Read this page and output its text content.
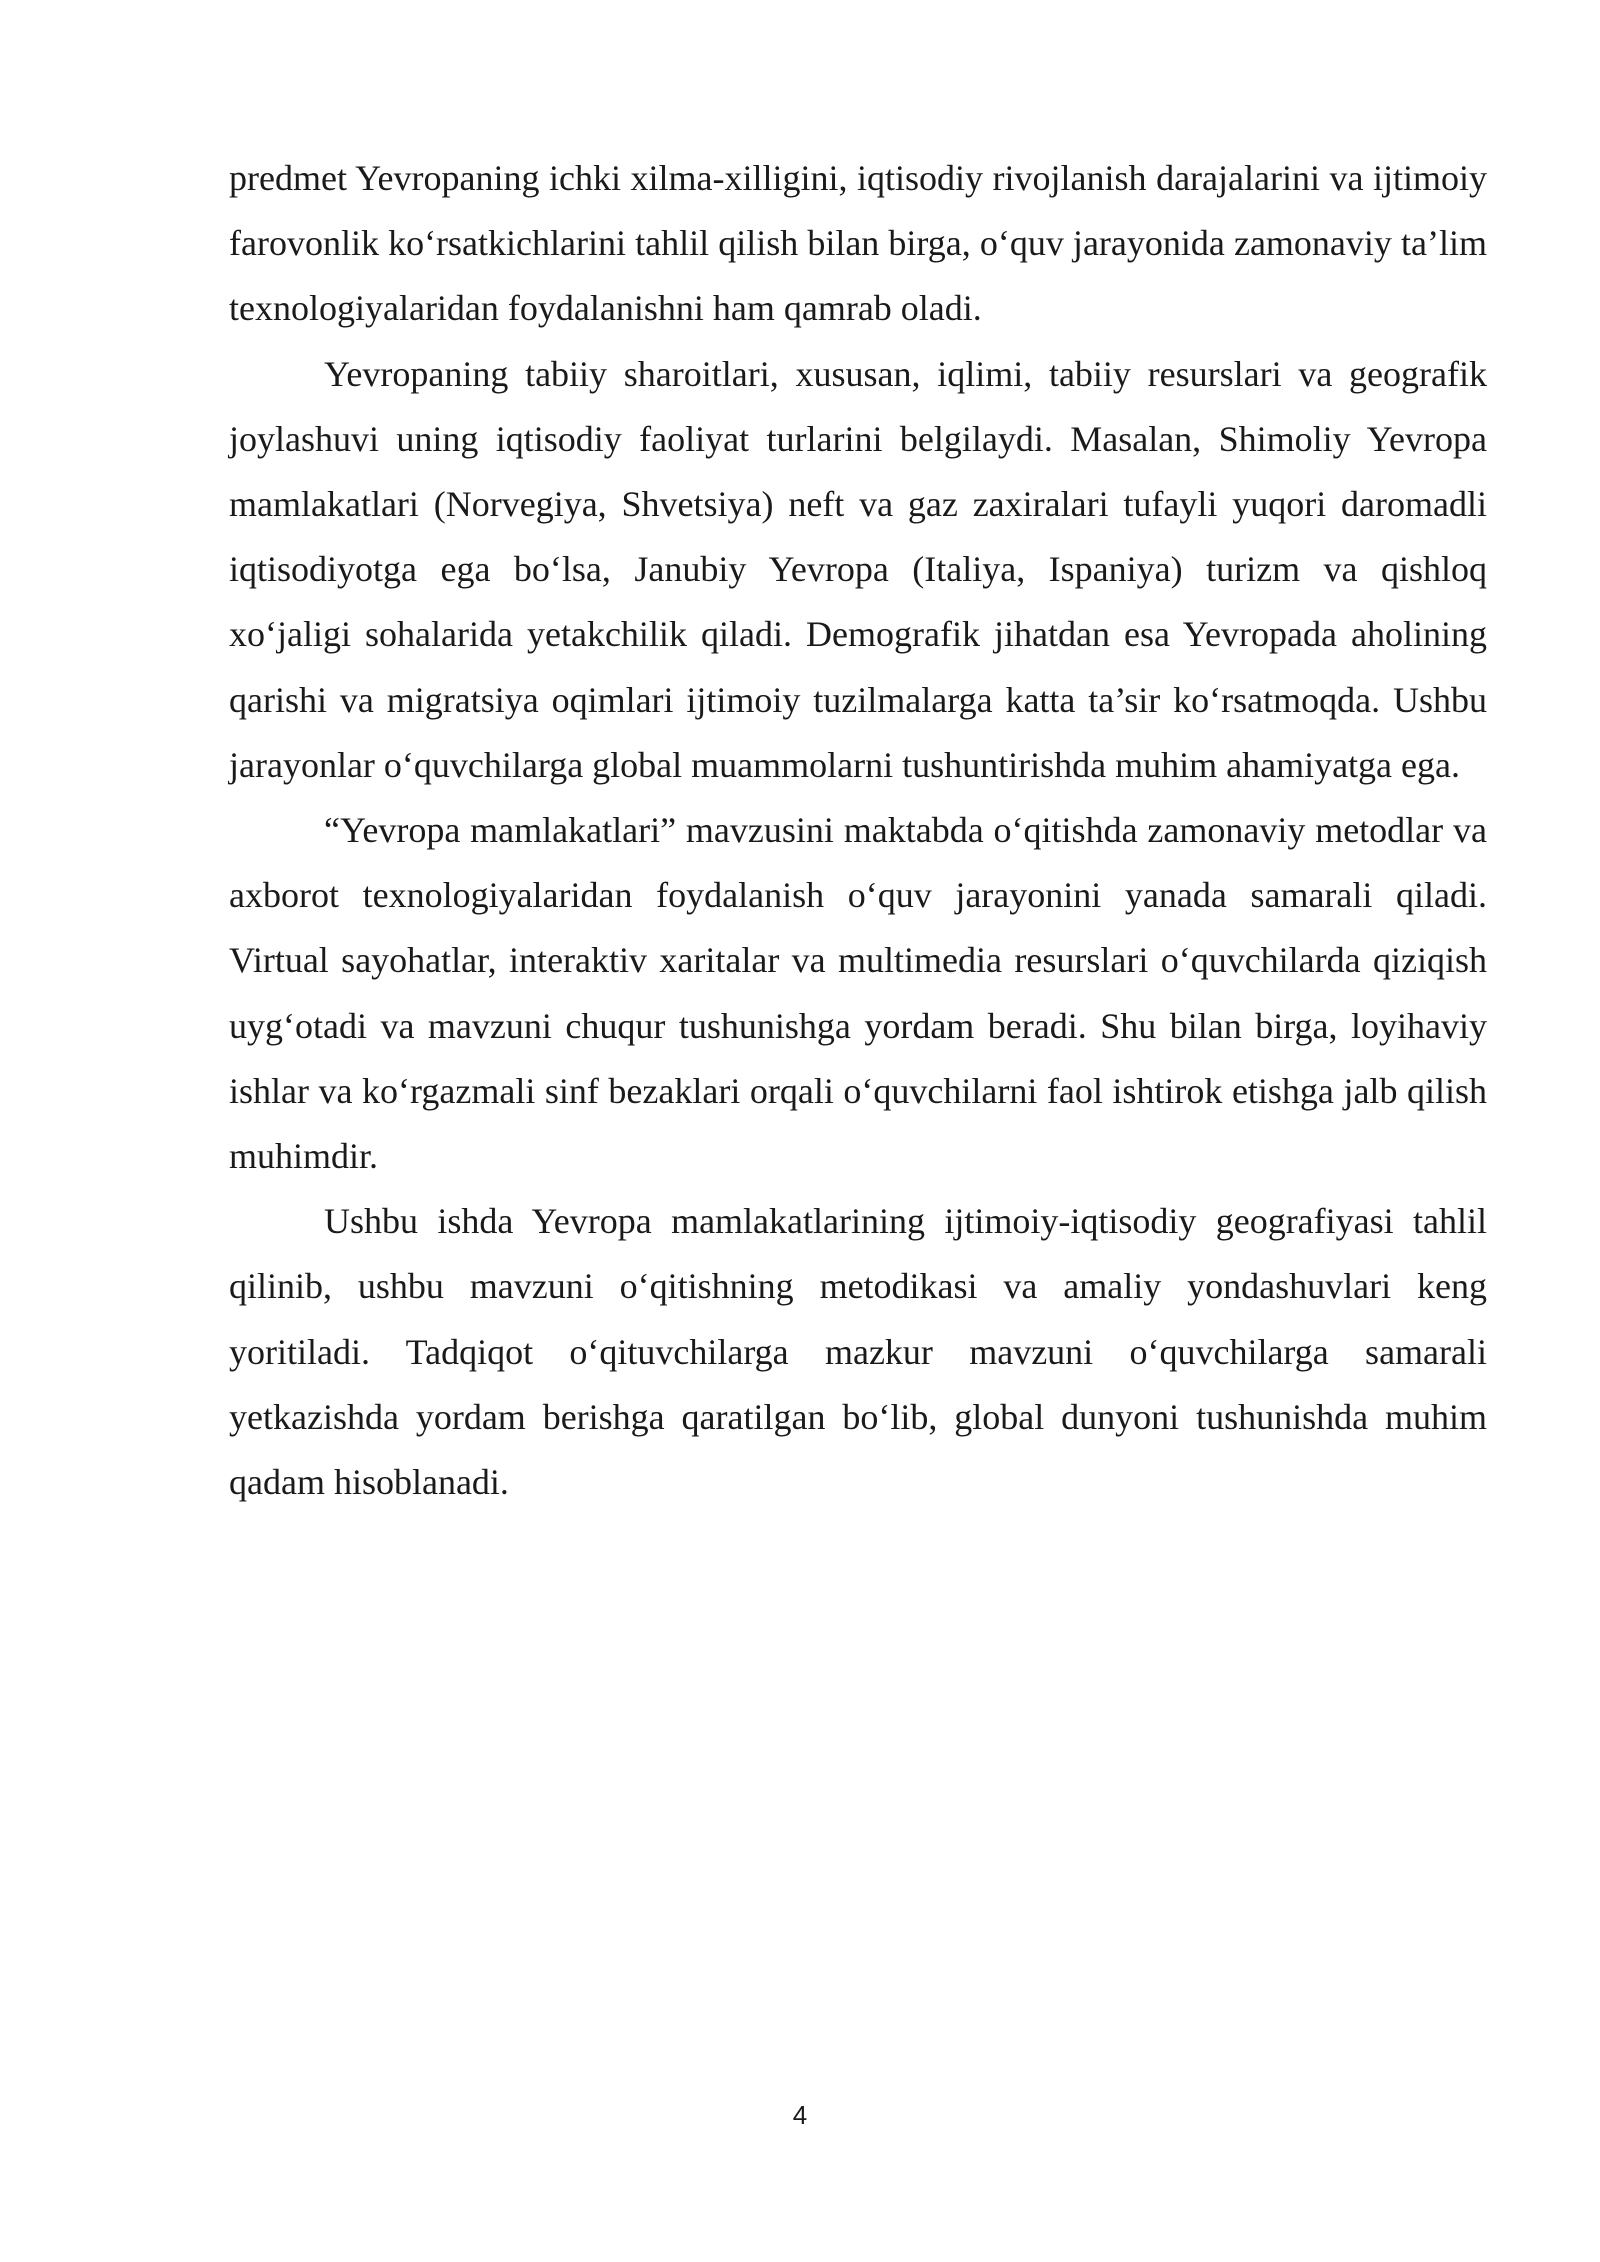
predmet Yevropaning ichki xilma-xilligini, iqtisodiy rivojlanish darajalarini va ijtimoiy farovonlik ko‘rsatkichlarini tahlil qilish bilan birga, o‘quv jarayonida zamonaviy ta’lim texnologiyalaridan foydalanishni ham qamrab oladi.

Yevropaning tabiiy sharoitlari, xususan, iqlimi, tabiiy resurslari va geografik joylashuvi uning iqtisodiy faoliyat turlarini belgilaydi. Masalan, Shimoliy Yevropa mamlakatlari (Norvegiya, Shvetsiya) neft va gaz zaxiralari tufayli yuqori daromadli iqtisodiyotga ega bo‘lsa, Janubiy Yevropa (Italiya, Ispaniya) turizm va qishloq xo‘jaligi sohalarida yetakchilik qiladi. Demografik jihatdan esa Yevropada aholining qarishi va migratsiya oqimlari ijtimoiy tuzilmalarga katta ta’sir ko‘rsatmoqda. Ushbu jarayonlar o‘quvchilarga global muammolarni tushuntirishda muhim ahamiyatga ega.

“Yevropa mamlakatlari” mavzusini maktabda o‘qitishda zamonaviy metodlar va axborot texnologiyalaridan foydalanish o‘quv jarayonini yanada samarali qiladi. Virtual sayohatlar, interaktiv xaritalar va multimedia resurslari o‘quvchilarda qiziqish uyg‘otadi va mavzuni chuqur tushunishga yordam beradi. Shu bilan birga, loyihaviy ishlar va ko‘rgazmali sinf bezaklari orqali o‘quvchilarni faol ishtirok etishga jalb qilish muhimdir.

Ushbu ishda Yevropa mamlakatlarining ijtimoiy-iqtisodiy geografiyasi tahlil qilinib, ushbu mavzuni o‘qitishning metodikasi va amaliy yondashuvlari keng yoritiladi. Tadqiqot o‘qituvchilarga mazkur mavzuni o‘quvchilarga samarali yetkazishda yordam berishga qaratilgan bo‘lib, global dunyoni tushunishda muhim qadam hisoblanadi.

4
